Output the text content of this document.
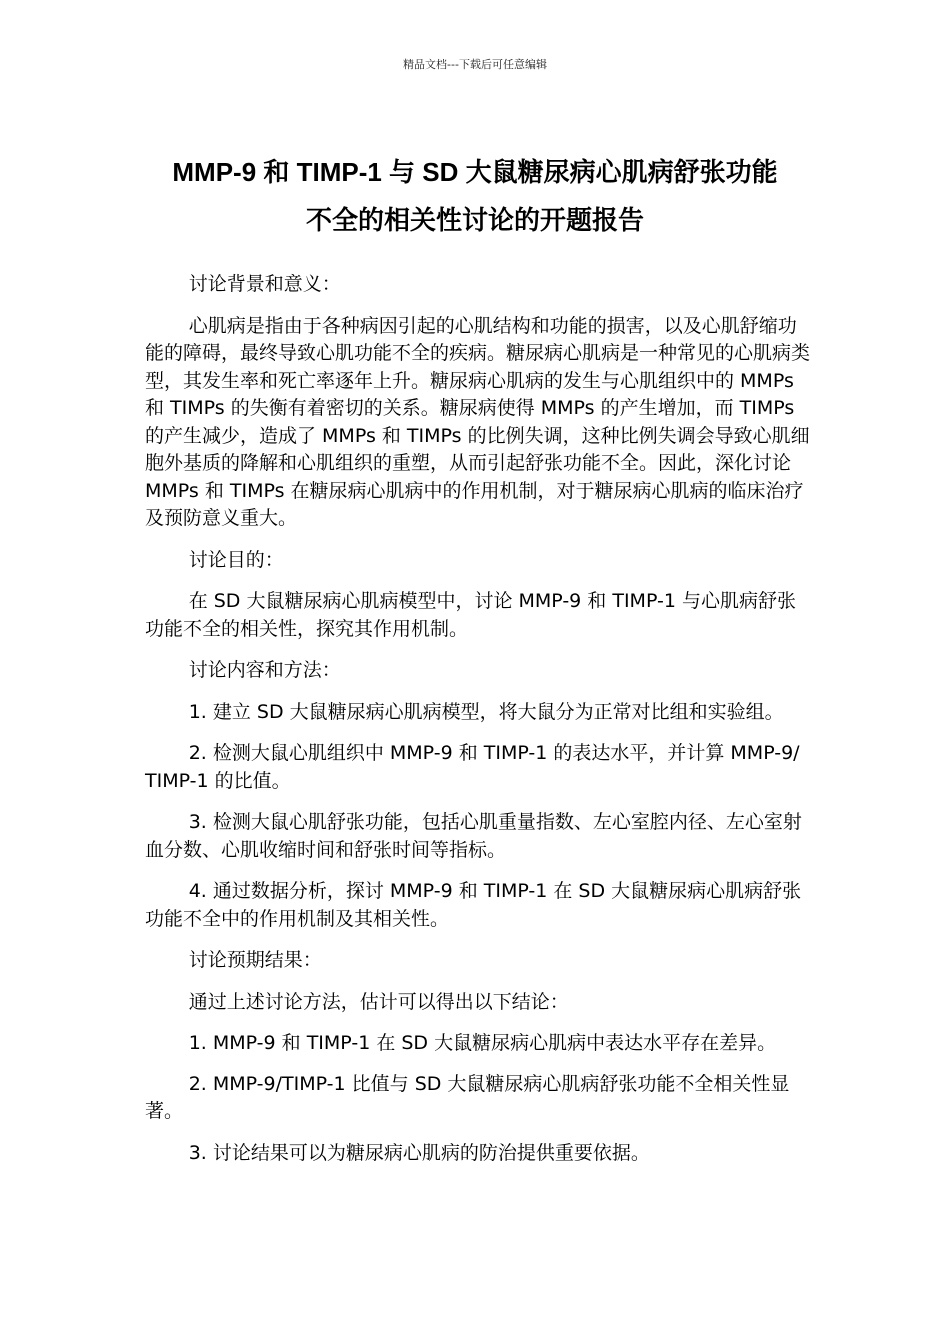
精品文档---下载后可任意编辑
MMP-9 和 TIMP-1 与 SD 大鼠糖尿病心肌病舒张功能
不全的相关性讨论的开题报告

讨论背景和意义：

心肌病是指由于各种病因引起的心肌结构和功能的损害，以及心肌舒缩功能的障碍，最终导致心肌功能不全的疾病。糖尿病心肌病是一种常见的心肌病类型，其发生率和死亡率逐年上升。糖尿病心肌病的发生与心肌组织中的 MMPs 和 TIMPs 的失衡有着密切的关系。糖尿病使得 MMPs 的产生增加，而 TIMPs 的产生减少，造成了 MMPs 和 TIMPs 的比例失调，这种比例失调会导致心肌细胞外基质的降解和心肌组织的重塑，从而引起舒张功能不全。因此，深化讨论 MMPs 和 TIMPs 在糖尿病心肌病中的作用机制，对于糖尿病心肌病的临床治疗及预防意义重大。

讨论目的：

在 SD 大鼠糖尿病心肌病模型中，讨论 MMP-9 和 TIMP-1 与心肌病舒张功能不全的相关性，探究其作用机制。

讨论内容和方法：

1. 建立 SD 大鼠糖尿病心肌病模型，将大鼠分为正常对比组和实验组。

2. 检测大鼠心肌组织中 MMP-9 和 TIMP-1 的表达水平，并计算 MMP-9/TIMP-1 的比值。

3. 检测大鼠心肌舒张功能，包括心肌重量指数、左心室腔内径、左心室射血分数、心肌收缩时间和舒张时间等指标。

4. 通过数据分析，探讨 MMP-9 和 TIMP-1 在 SD 大鼠糖尿病心肌病舒张功能不全中的作用机制及其相关性。

讨论预期结果：

通过上述讨论方法，估计可以得出以下结论：

1. MMP-9 和 TIMP-1 在 SD 大鼠糖尿病心肌病中表达水平存在差异。

2. MMP-9/TIMP-1 比值与 SD 大鼠糖尿病心肌病舒张功能不全相关性显著。

3. 讨论结果可以为糖尿病心肌病的防治提供重要依据。
